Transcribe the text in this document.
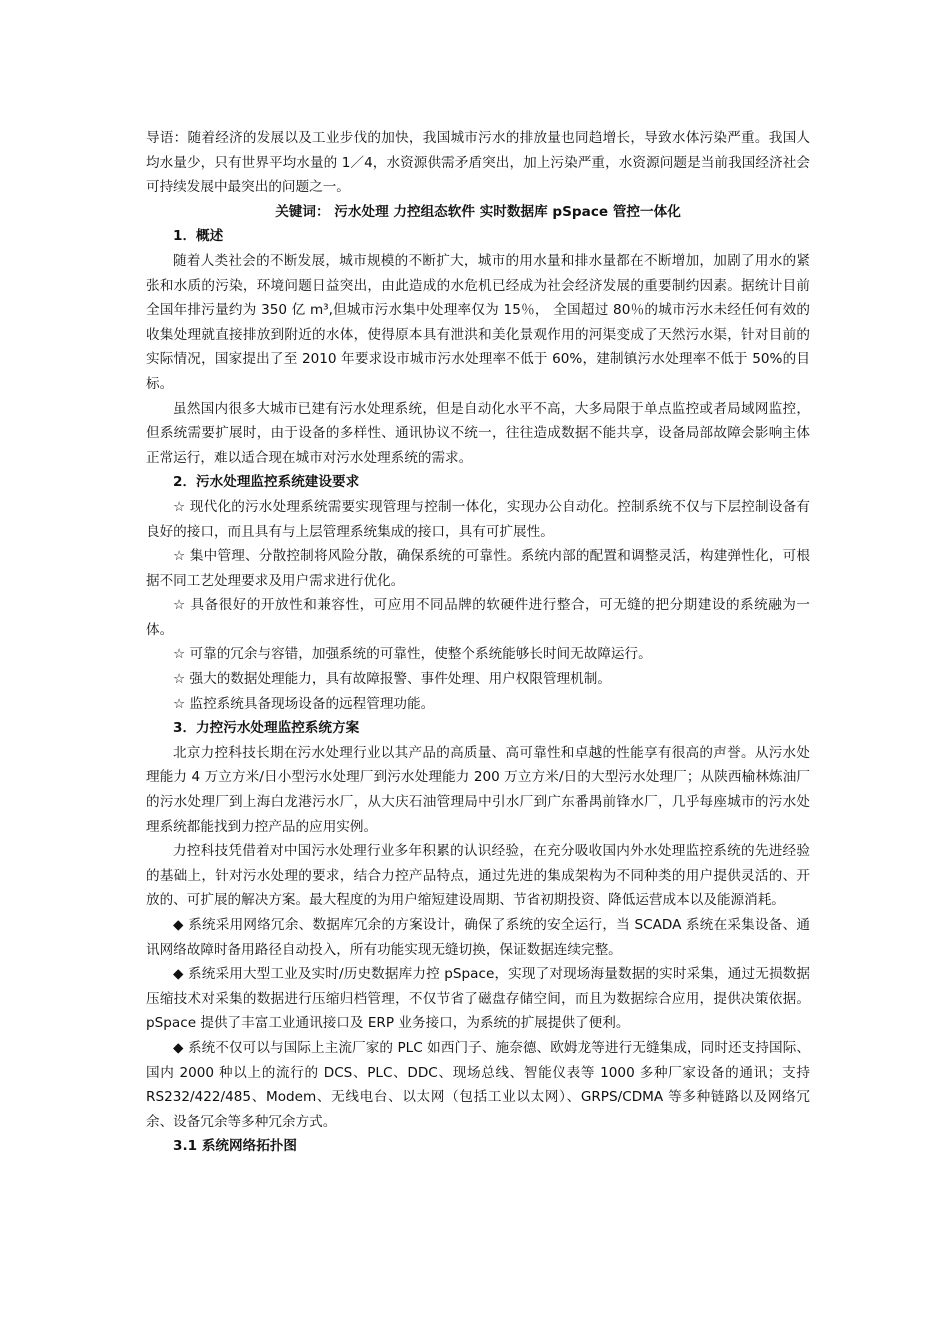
导语：随着经济的发展以及工业步伐的加快，我国城市污水的排放量也同趋增长，导致水体污染严重。我国人均水量少，只有世界平均水量的 1／4，水资源供需矛盾突出，加上污染严重，水资源问题是当前我国经济社会可持续发展中最突出的问题之一。

关键词： 污水处理 力控组态软件 实时数据库 pSpace 管控一体化

1．概述

随着人类社会的不断发展，城市规模的不断扩大，城市的用水量和排水量都在不断增加，加剧了用水的紧张和水质的污染，环境问题日益突出，由此造成的水危机已经成为社会经济发展的重要制约因素。据统计目前全国年排污量约为 350 亿 m³,但城市污水集中处理率仅为 15％， 全国超过 80％的城市污水未经任何有效的收集处理就直接排放到附近的水体，使得原本具有泄洪和美化景观作用的河渠变成了天然污水渠，针对目前的实际情况，国家提出了至 2010 年要求设市城市污水处理率不低于 60%，建制镇污水处理率不低于 50%的目标。

虽然国内很多大城市已建有污水处理系统，但是自动化水平不高，大多局限于单点监控或者局域网监控，但系统需要扩展时，由于设备的多样性、通讯协议不统一，往往造成数据不能共享，设备局部故障会影响主体正常运行，难以适合现在城市对污水处理系统的需求。

2．污水处理监控系统建设要求

☆ 现代化的污水处理系统需要实现管理与控制一体化，实现办公自动化。控制系统不仅与下层控制设备有良好的接口，而且具有与上层管理系统集成的接口，具有可扩展性。

☆ 集中管理、分散控制将风险分散，确保系统的可靠性。系统内部的配置和调整灵活，构建弹性化，可根据不同工艺处理要求及用户需求进行优化。

☆ 具备很好的开放性和兼容性，可应用不同品牌的软硬件进行整合，可无缝的把分期建设的系统融为一体。

☆ 可靠的冗余与容错，加强系统的可靠性，使整个系统能够长时间无故障运行。

☆ 强大的数据处理能力，具有故障报警、事件处理、用户权限管理机制。

☆ 监控系统具备现场设备的远程管理功能。

3．力控污水处理监控系统方案

北京力控科技长期在污水处理行业以其产品的高质量、高可靠性和卓越的性能享有很高的声誉。从污水处理能力 4 万立方米/日小型污水处理厂到污水处理能力 200 万立方米/日的大型污水处理厂；从陕西榆林炼油厂的污水处理厂到上海白龙港污水厂，从大庆石油管理局中引水厂到广东番禺前锋水厂，几乎每座城市的污水处理系统都能找到力控产品的应用实例。

力控科技凭借着对中国污水处理行业多年积累的认识经验，在充分吸收国内外水处理监控系统的先进经验的基础上，针对污水处理的要求，结合力控产品特点，通过先进的集成架构为不同种类的用户提供灵活的、开放的、可扩展的解决方案。最大程度的为用户缩短建设周期、节省初期投资、降低运营成本以及能源消耗。

◆ 系统采用网络冗余、数据库冗余的方案设计，确保了系统的安全运行，当 SCADA 系统在采集设备、通讯网络故障时备用路径自动投入，所有功能实现无缝切换，保证数据连续完整。

◆ 系统采用大型工业及实时/历史数据库力控 pSpace，实现了对现场海量数据的实时采集，通过无损数据压缩技术对采集的数据进行压缩归档管理，不仅节省了磁盘存储空间，而且为数据综合应用，提供决策依据。pSpace 提供了丰富工业通讯接口及 ERP 业务接口，为系统的扩展提供了便利。

◆ 系统不仅可以与国际上主流厂家的 PLC 如西门子、施奈德、欧姆龙等进行无缝集成，同时还支持国际、国内 2000 种以上的流行的 DCS、PLC、DDC、现场总线、智能仪表等 1000 多种厂家设备的通讯；支持 RS232/422/485、Modem、无线电台、以太网（包括工业以太网）、GRPS/CDMA 等多种链路以及网络冗余、设备冗余等多种冗余方式。

3.1 系统网络拓扑图
